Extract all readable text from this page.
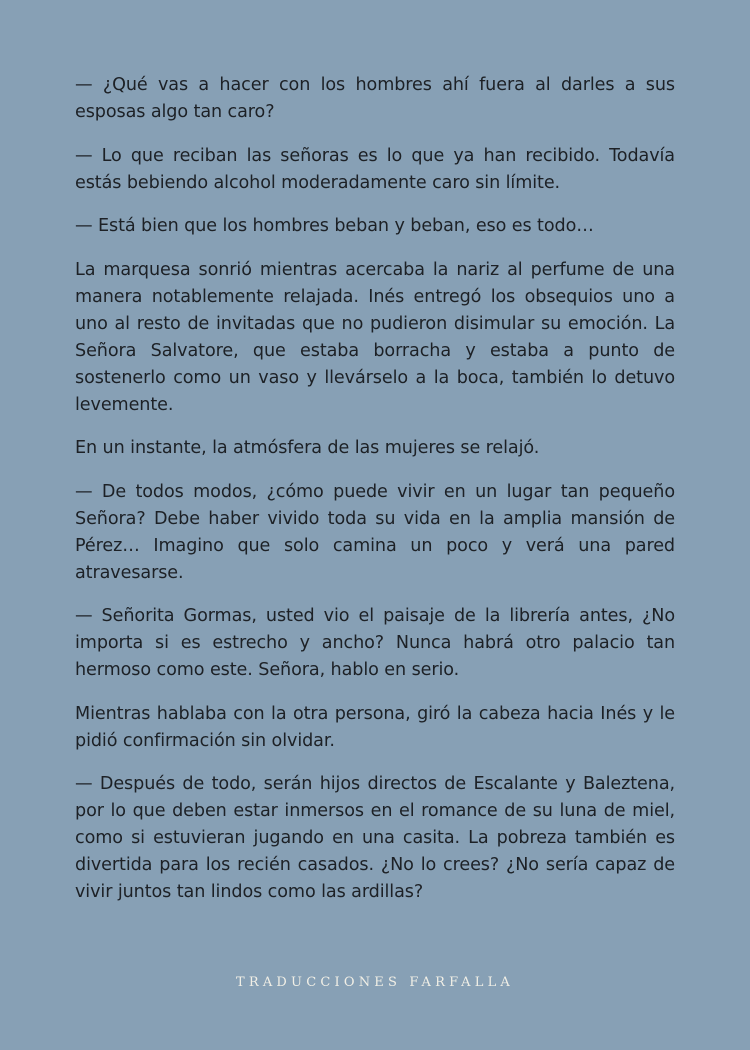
— ¿Qué vas a hacer con los hombres ahí fuera al darles a sus esposas algo tan caro?

— Lo que reciban las señoras es lo que ya han recibido. Todavía estás bebiendo alcohol moderadamente caro sin límite.

— Está bien que los hombres beban y beban, eso es todo…

La marquesa sonrió mientras acercaba la nariz al perfume de una manera notablemente relajada. Inés entregó los obsequios uno a uno al resto de invitadas que no pudieron disimular su emoción. La Señora Salvatore, que estaba borracha y estaba a punto de sostenerlo como un vaso y llevárselo a la boca, también lo detuvo levemente.

En un instante, la atmósfera de las mujeres se relajó.

— De todos modos, ¿cómo puede vivir en un lugar tan pequeño Señora? Debe haber vivido toda su vida en la amplia mansión de Pérez… Imagino que solo camina un poco y verá una pared atravesarse.

— Señorita Gormas, usted vio el paisaje de la librería antes, ¿No importa si es estrecho y ancho? Nunca habrá otro palacio tan hermoso como este. Señora, hablo en serio.

Mientras hablaba con la otra persona, giró la cabeza hacia Inés y le pidió confirmación sin olvidar.

— Después de todo, serán hijos directos de Escalante y Baleztena, por lo que deben estar inmersos en el romance de su luna de miel, como si estuvieran jugando en una casita. La pobreza también es divertida para los recién casados. ¿No lo crees? ¿No sería capaz de vivir juntos tan lindos como las ardillas?

TRADUCCIONES FARFALLA
